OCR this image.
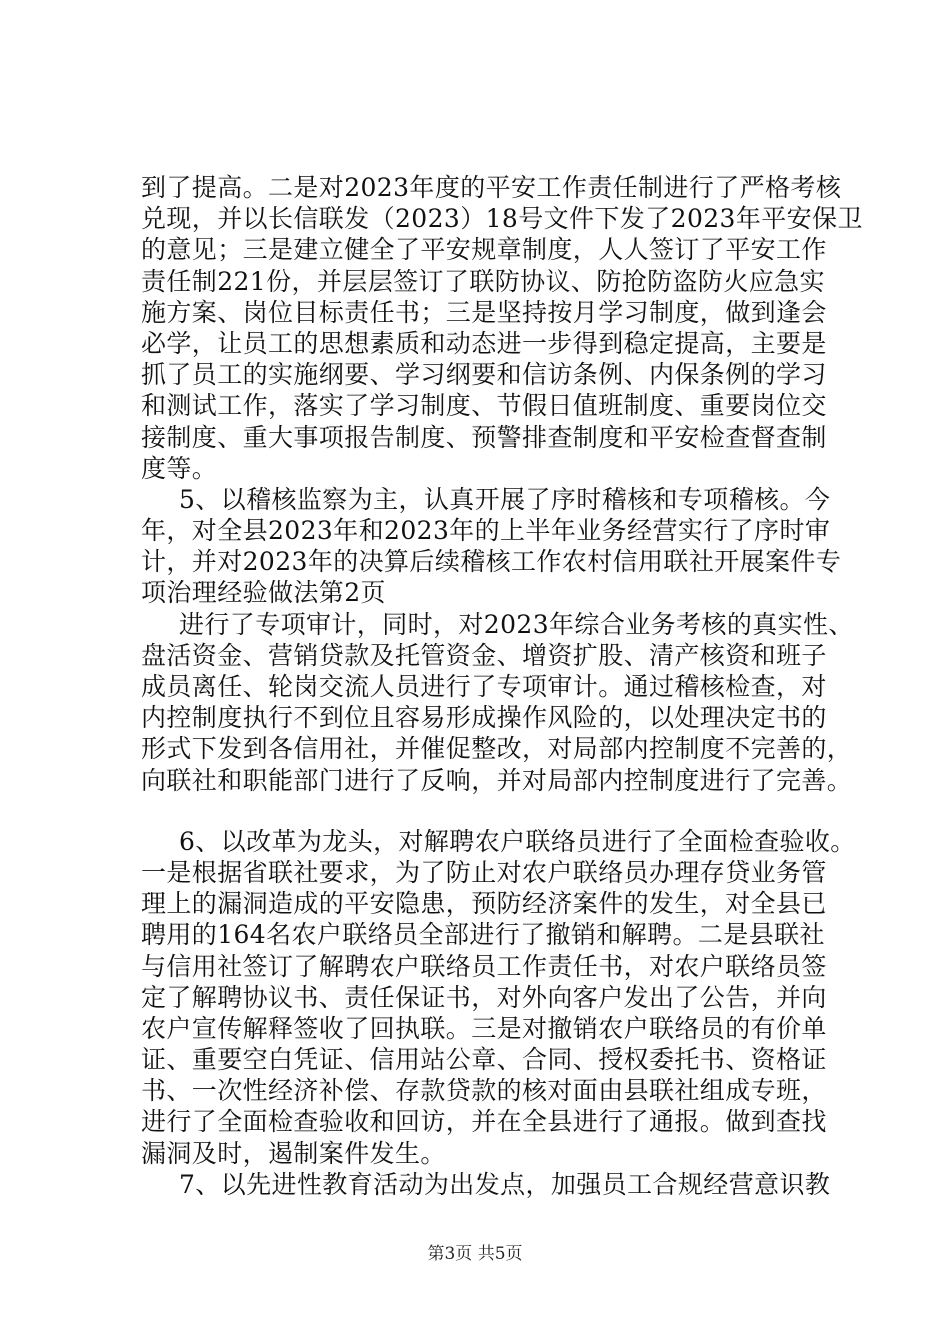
到了提高。二是对2023年度的平安工作责任制进行了严格考核
兑现，并以长信联发（2023）18号文件下发了2023年平安保卫
的意见；三是建立健全了平安规章制度，人人签订了平安工作
责任制221份，并层层签订了联防协议、防抢防盗防火应急实
施方案、岗位目标责任书；三是坚持按月学习制度，做到逢会
必学，让员工的思想素质和动态进一步得到稳定提高，主要是
抓了员工的实施纲要、学习纲要和信访条例、内保条例的学习
和测试工作，落实了学习制度、节假日值班制度、重要岗位交
接制度、重大事项报告制度、预警排查制度和平安检查督查制
度等。
5、以稽核监察为主，认真开展了序时稽核和专项稽核。今
年，对全县2023年和2023年的上半年业务经营实行了序时审
计，并对2023年的决算后续稽核工作农村信用联社开展案件专
项治理经验做法第2页
进行了专项审计，同时，对2023年综合业务考核的真实性、
盘活资金、营销贷款及托管资金、增资扩股、清产核资和班子
成员离任、轮岗交流人员进行了专项审计。通过稽核检查，对
内控制度执行不到位且容易形成操作风险的，以处理决定书的
形式下发到各信用社，并催促整改，对局部内控制度不完善的，
向联社和职能部门进行了反响，并对局部内控制度进行了完善。
6、以改革为龙头，对解聘农户联络员进行了全面检查验收。
一是根据省联社要求，为了防止对农户联络员办理存贷业务管
理上的漏洞造成的平安隐患，预防经济案件的发生，对全县已
聘用的164名农户联络员全部进行了撤销和解聘。二是县联社
与信用社签订了解聘农户联络员工作责任书，对农户联络员签
定了解聘协议书、责任保证书，对外向客户发出了公告，并向
农户宣传解释签收了回执联。三是对撤销农户联络员的有价单
证、重要空白凭证、信用站公章、合同、授权委托书、资格证
书、一次性经济补偿、存款贷款的核对面由县联社组成专班，
进行了全面检查验收和回访，并在全县进行了通报。做到查找
漏洞及时，遏制案件发生。
7、以先进性教育活动为出发点，加强员工合规经营意识教
第3页 共5页
